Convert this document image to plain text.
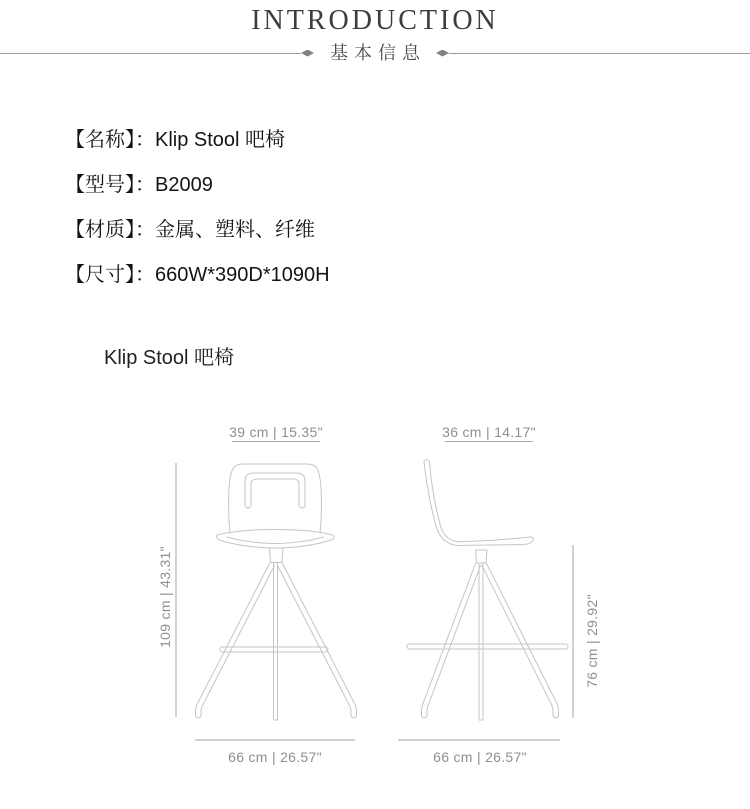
INTRODUCTION
基本信息
【名称】：Klip Stool 吧椅
【型号】：B2009
【材质】：金属、塑料、纤维
【尺寸】：660W*390D*1090H
Klip Stool 吧椅
39 cm | 15.35"
109 cm | 43.31"
66 cm | 26.57"
36 cm | 14.17"
76 cm | 29.92"
66 cm | 26.57"
